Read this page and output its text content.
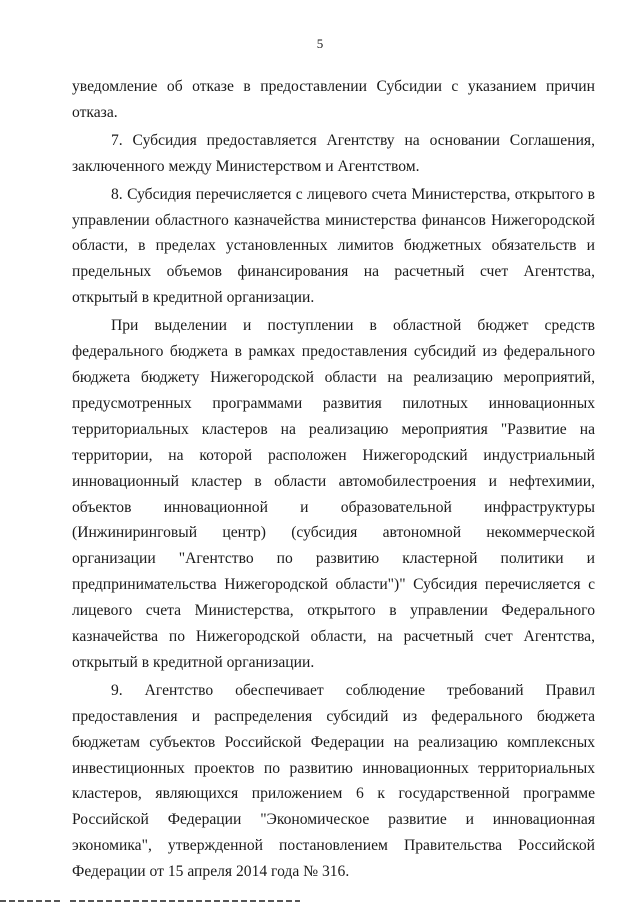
5

уведомление об отказе в предоставлении Субсидии с указанием причин отказа.

7. Субсидия предоставляется Агентству на основании Соглашения, заключенного между Министерством и Агентством.

8. Субсидия перечисляется с лицевого счета Министерства, открытого в управлении областного казначейства министерства финансов Нижегородской области, в пределах установленных лимитов бюджетных обязательств и предельных объемов финансирования на расчетный счет Агентства, открытый в кредитной организации.

При выделении и поступлении в областной бюджет средств федерального бюджета в рамках предоставления субсидий из федерального бюджета бюджету Нижегородской области на реализацию мероприятий, предусмотренных программами развития пилотных инновационных территориальных кластеров на реализацию мероприятия "Развитие на территории, на которой расположен Нижегородский индустриальный инновационный кластер в области автомобилестроения и нефтехимии, объектов инновационной и образовательной инфраструктуры (Инжиниринговый центр) (субсидия автономной некоммерческой организации "Агентство по развитию кластерной политики и предпринимательства Нижегородской области")" Субсидия перечисляется с лицевого счета Министерства, открытого в управлении Федерального казначейства по Нижегородской области, на расчетный счет Агентства, открытый в кредитной организации.

9. Агентство обеспечивает соблюдение требований Правил предоставления и распределения субсидий из федерального бюджета бюджетам субъектов Российской Федерации на реализацию комплексных инвестиционных проектов по развитию инновационных территориальных кластеров, являющихся приложением 6 к государственной программе Российской Федерации "Экономическое развитие и инновационная экономика", утвержденной постановлением Правительства Российской Федерации от 15 апреля 2014 года № 316.
